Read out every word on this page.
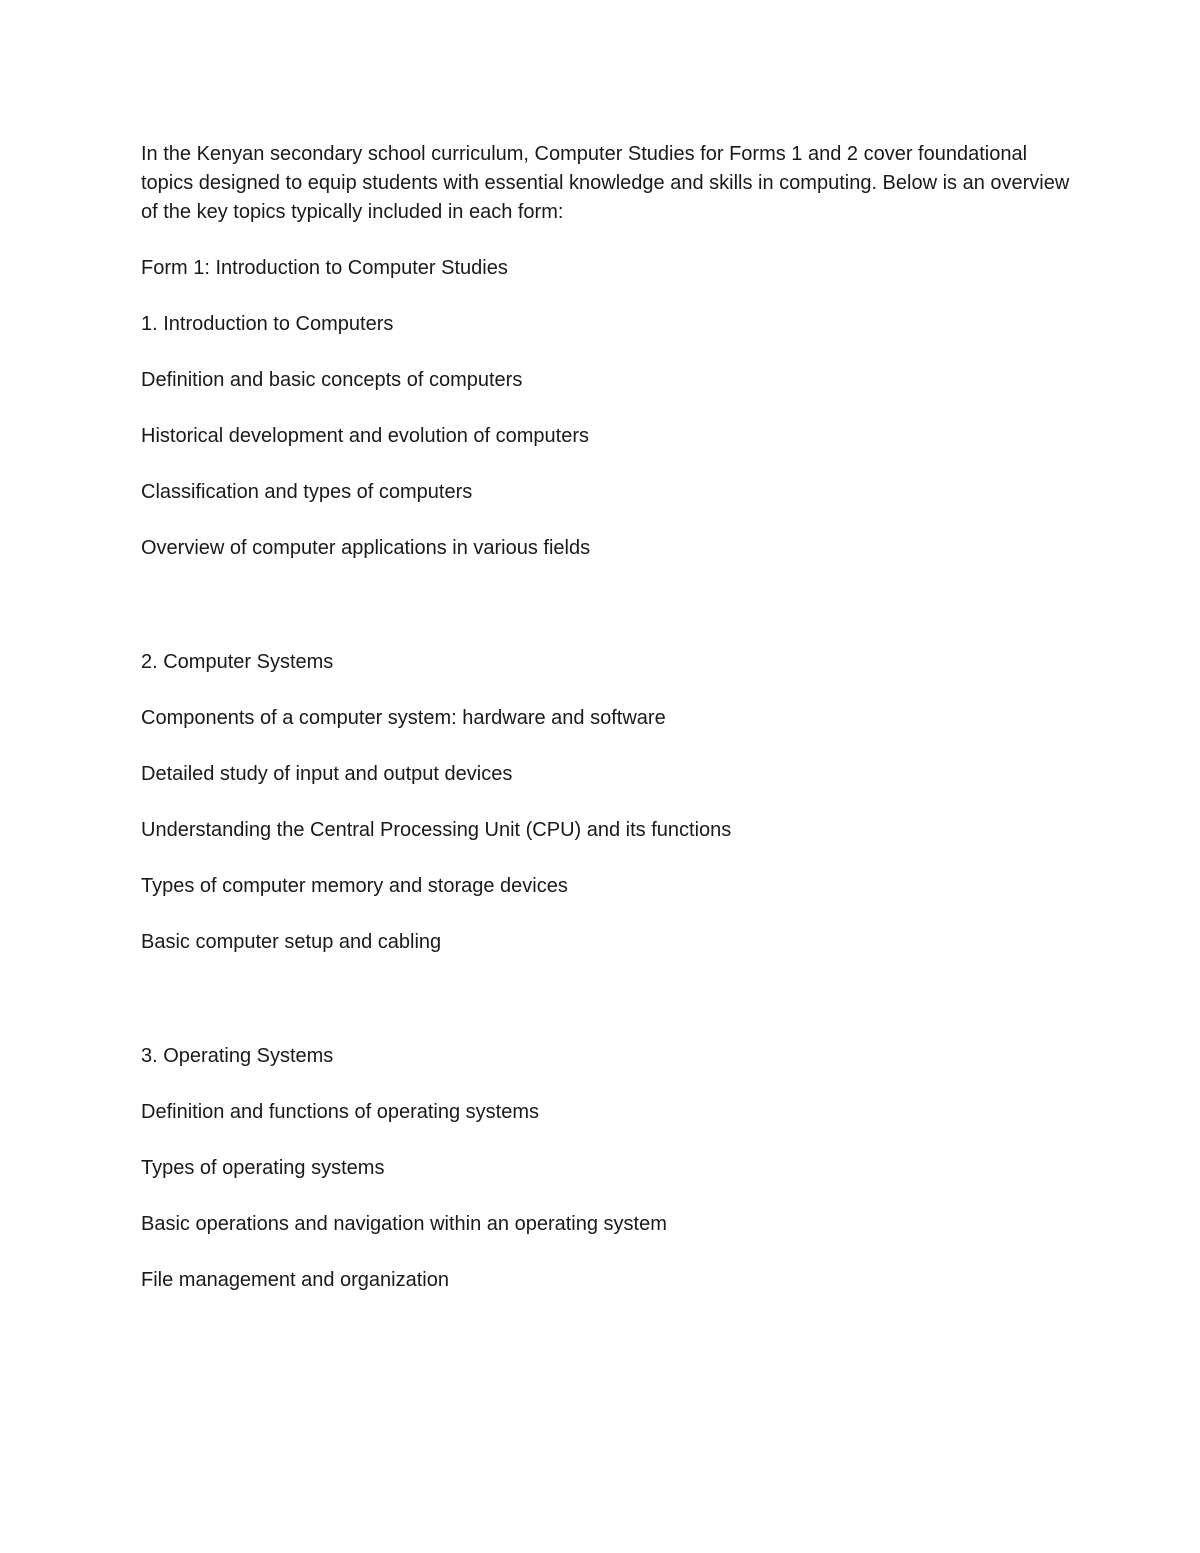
In the Kenyan secondary school curriculum, Computer Studies for Forms 1 and 2 cover foundational topics designed to equip students with essential knowledge and skills in computing. Below is an overview of the key topics typically included in each form:

Form 1: Introduction to Computer Studies

1. Introduction to Computers

Definition and basic concepts of computers

Historical development and evolution of computers

Classification and types of computers

Overview of computer applications in various fields

2. Computer Systems

Components of a computer system: hardware and software

Detailed study of input and output devices

Understanding the Central Processing Unit (CPU) and its functions

Types of computer memory and storage devices

Basic computer setup and cabling

3. Operating Systems

Definition and functions of operating systems

Types of operating systems

Basic operations and navigation within an operating system

File management and organization
